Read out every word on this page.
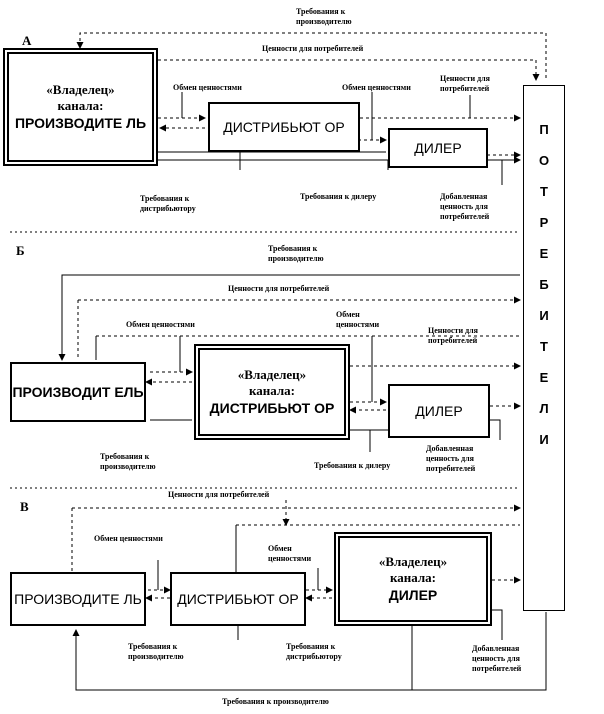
А
Б
В
П
О
Т
Р
Е
Б
И
Т
Е
Л
И
«Владелец»
канала:
ПРОИЗВОДИТЕ ЛЬ	ДИСТРИБЬЮТ ОР
ДИЛЕР
Требования к производителю
Ценности для потребителей
Обмен ценностями	Обмен ценностями
Ценности для потребителей
Требования к дистрибьютору
Требования к дилеру	Добавленная ценность для потребителей
ПРОИЗВОДИТ ЕЛЬ
«Владелец»
канала:
ДИСТРИБЬЮТ ОР	ДИЛЕР
Требования к производителю
Ценности для потребителей
Обмен ценностями
Обмен ценностями
Ценности для потребителей
Требования к производителю	Требования к дилеру
Добавленная ценность для потребителей
ПРОИЗВОДИТЕ ЛЬ	ДИСТРИБЬЮТ ОР
«Владелец»
канала:
ДИЛЕР
Ценности для потребителей
Обмен ценностями
Обмен ценностями
Требования к производителю
Требования к дистрибьютору
Добавленная ценность для потребителей
Требования к производителю
